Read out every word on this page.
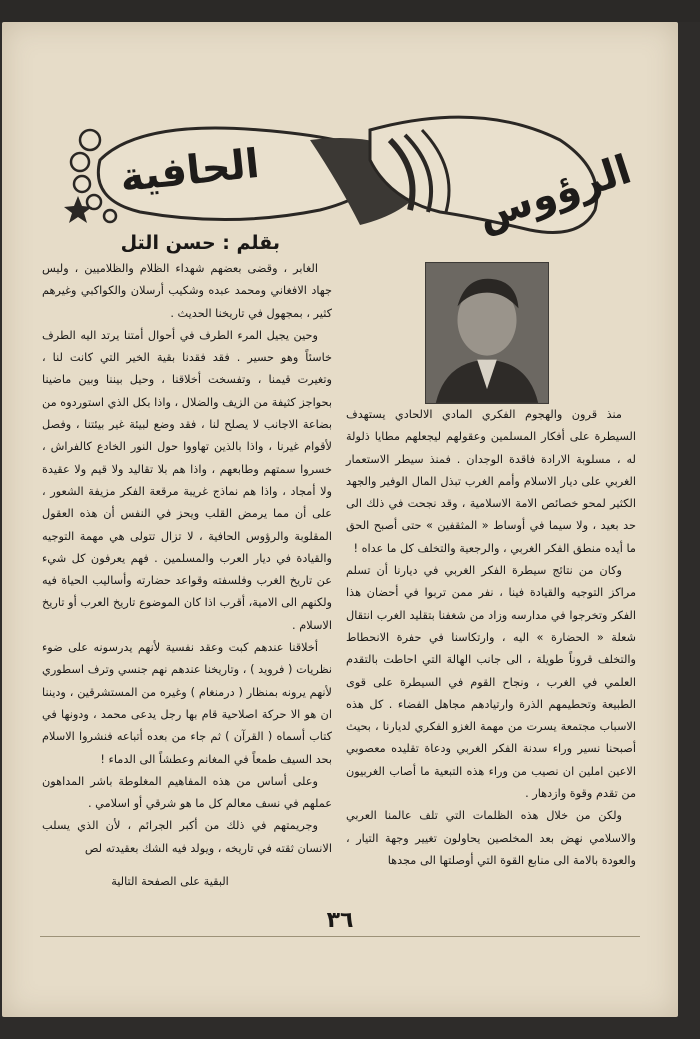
الرؤوس
الحافية
بقلم : حسن التل

الغابر ، وقضى بعضهم شهداء الظلام والظلاميين ، وليس جهاد الافغاني ومحمد عبده وشكيب أرسلان والكواكبي وغيرهم كثير ، بمجهول في تاريخنا الحديث .

وحين يجيل المرء الطرف في أحوال أمتنا يرتد اليه الطرف خاسئاً وهو حسير . فقد فقدنا بقية الخير التي كانت لنا ، وتغيرت قيمنا ، وتفسخت أخلاقنا ، وحيل بيننا وبين ماضينا بحواجز كثيفة من الزيف والضلال ، واذا بكل الذي استوردوه من بضاعة الاجانب لا يصلح لنا ، فقد وضع لبيئة غير بيئتنا ، وفصل لأقوام غيرنا ، واذا بالذين تهاووا حول النور الخادع كالفراش ، خسروا سمتهم وطابعهم ، واذا هم بلا تقاليد ولا قيم ولا عقيدة ولا أمجاد ، واذا هم نماذج غريبة مرقعة الفكر مزيفة الشعور ، على أن مما يرمض القلب ويحز في النفس أن هذه العقول المقلوبة والرؤوس الحافية ، لا تزال تتولى هي مهمة التوجيه والقيادة في ديار العرب والمسلمين . فهم يعرفون كل شيء عن تاريخ الغرب وفلسفته وقواعد حضارته وأساليب الحياة فيه ولكنهم الى الامية، أقرب اذا كان الموضوع تاريخ العرب أو تاريخ الاسلام .

أخلاقنا عندهم كبت وعقد نفسية لأنهم يدرسونه على ضوء نظريات ( فرويد ) ، وتاريخنا عندهم نهم جنسي وترف اسطوري لأنهم يرونه بمنظار ( درمنغام ) وغيره من المستشرقين ، وديننا ان هو الا حركة اصلاحية قام بها رجل يدعى محمد ، ودونها في كتاب أسماه ( القرآن ) ثم جاء من بعده أتباعه فنشروا الاسلام بحد السيف طمعاً في المغانم وعطشاً الى الدماء !

وعلى أساس من هذه المفاهيم المغلوطة باشر المداهون عملهم في نسف معالم كل ما هو شرقي أو اسلامي .

وجريمتهم في ذلك من أكبر الجرائم ، لأن الذي يسلب الانسان ثقته في تاريخه ، ويولد فيه الشك بعقيدته لص

البقية على الصفحة التالية

منذ قرون والهجوم الفكري المادي الالحادي يستهدف السيطرة على أفكار المسلمين وعقولهم ليجعلهم مطايا ذلولة له ، مسلوبة الارادة فاقدة الوجدان . فمنذ سيطر الاستعمار الغربي على ديار الاسلام وأمم الغرب تبذل المال الوفير والجهد الكثير لمحو خصائص الامة الاسلامية ، وقد نجحت في ذلك الى حد بعيد ، ولا سيما في أوساط « المثقفين » حتى أصبح الحق ما أيده منطق الفكر الغربي ، والرجعية والتخلف كل ما عداه !

وكان من نتائج سيطرة الفكر الغربي في ديارنا أن تسلم مراكز التوجيه والقيادة فينا ، نفر ممن تربوا في أحضان هذا الفكر وتخرجوا في مدارسه وزاد من شغفنا بتقليد الغرب انتقال شعلة « الحضارة » اليه ، وارتكاسنا في حفرة الانحطاط والتخلف قروناً طويلة ، الى جانب الهالة التي احاطت بالتقدم العلمي في الغرب ، ونجاح القوم في السيطرة على قوى الطبيعة وتحطيمهم الذرة وارتيادهم مجاهل الفضاء . كل هذه الاسباب مجتمعة يسرت من مهمة الغزو الفكري لديارنا ، بحيث أصبحنا نسير وراء سدنة الفكر الغربي ودعاة تقليده معصوبي الاعين املين ان نصيب من وراء هذه التبعية ما أصاب الغربيون من تقدم وقوة وازدهار .

ولكن من خلال هذه الظلمات التي تلف عالمنا العربي والاسلامي نهض بعد المخلصين يحاولون تغيير وجهة التيار ، والعودة بالامة الى منابع القوة التي أوصلتها الى مجدها

٣٦
